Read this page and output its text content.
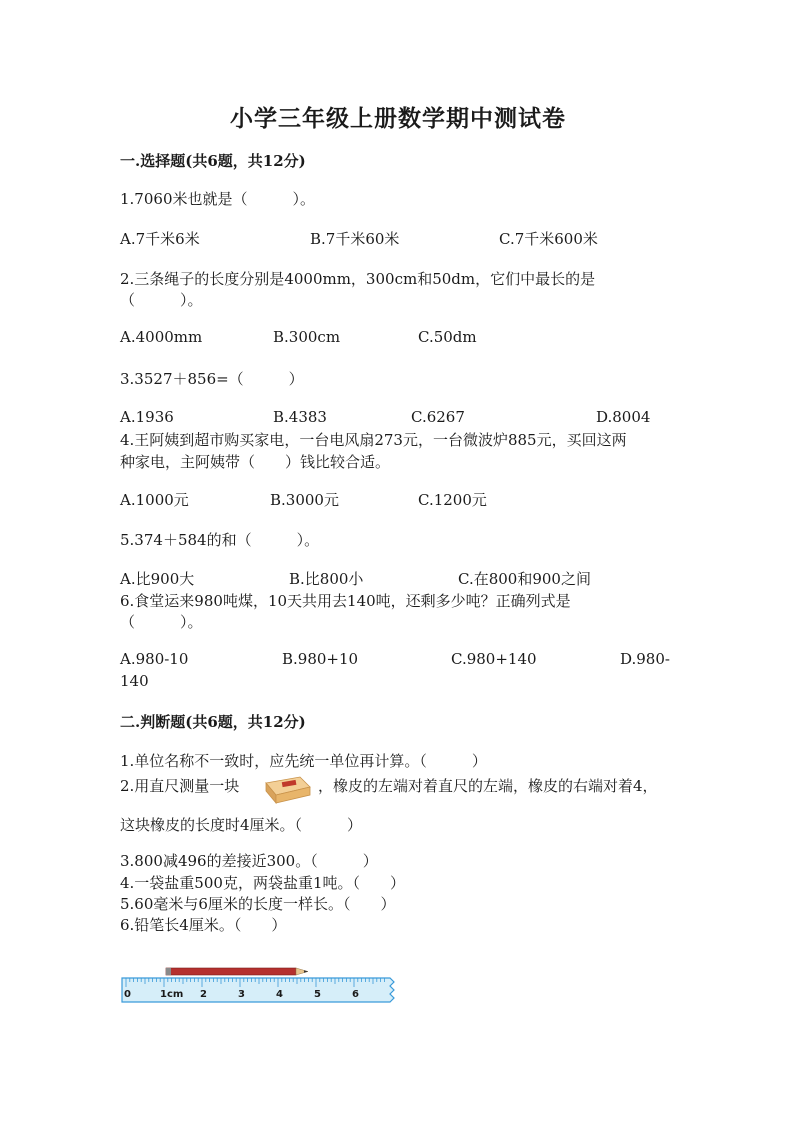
小学三年级上册数学期中测试卷
一.选择题(共6题，共12分)
1.7060米也就是（　　　）。
A.7千米6米	B.7千米60米	C.7千米600米
2.三条绳子的长度分别是4000mm，300cm和50dm，它们中最长的是
（　　　）。
A.4000mm	B.300cm	C.50dm
3.3527＋856=（　　　）
A.1936	B.4383	C.6267	D.8004
4.王阿姨到超市购买家电，一台电风扇273元，一台微波炉885元，买回这两
种家电，主阿姨带（　　）钱比较合适。
A.1000元	B.3000元	C.1200元
5.374＋584的和（　　　）。
A.比900大	B.比800小	C.在800和900之间
6.食堂运来980吨煤，10天共用去140吨，还剩多少吨？正确列式是
（　　　）。
A.980-10	B.980+10	C.980+140	D.980-
140
二.判断题(共6题，共12分)
1.单位名称不一致时，应先统一单位再计算。（　　　）
2.用直尺测量一块	，橡皮的左端对着直尺的左端，橡皮的右端对着4，
这块橡皮的长度时4厘米。（　　　）
3.800减496的差接近300。（　　　）
4.一袋盐重500克，两袋盐重1吨。（　　）
5.60毫米与6厘米的长度一样长。（　　）
6.铅笔长4厘米。（　　）
0	1cm 2	3	4	5	6
